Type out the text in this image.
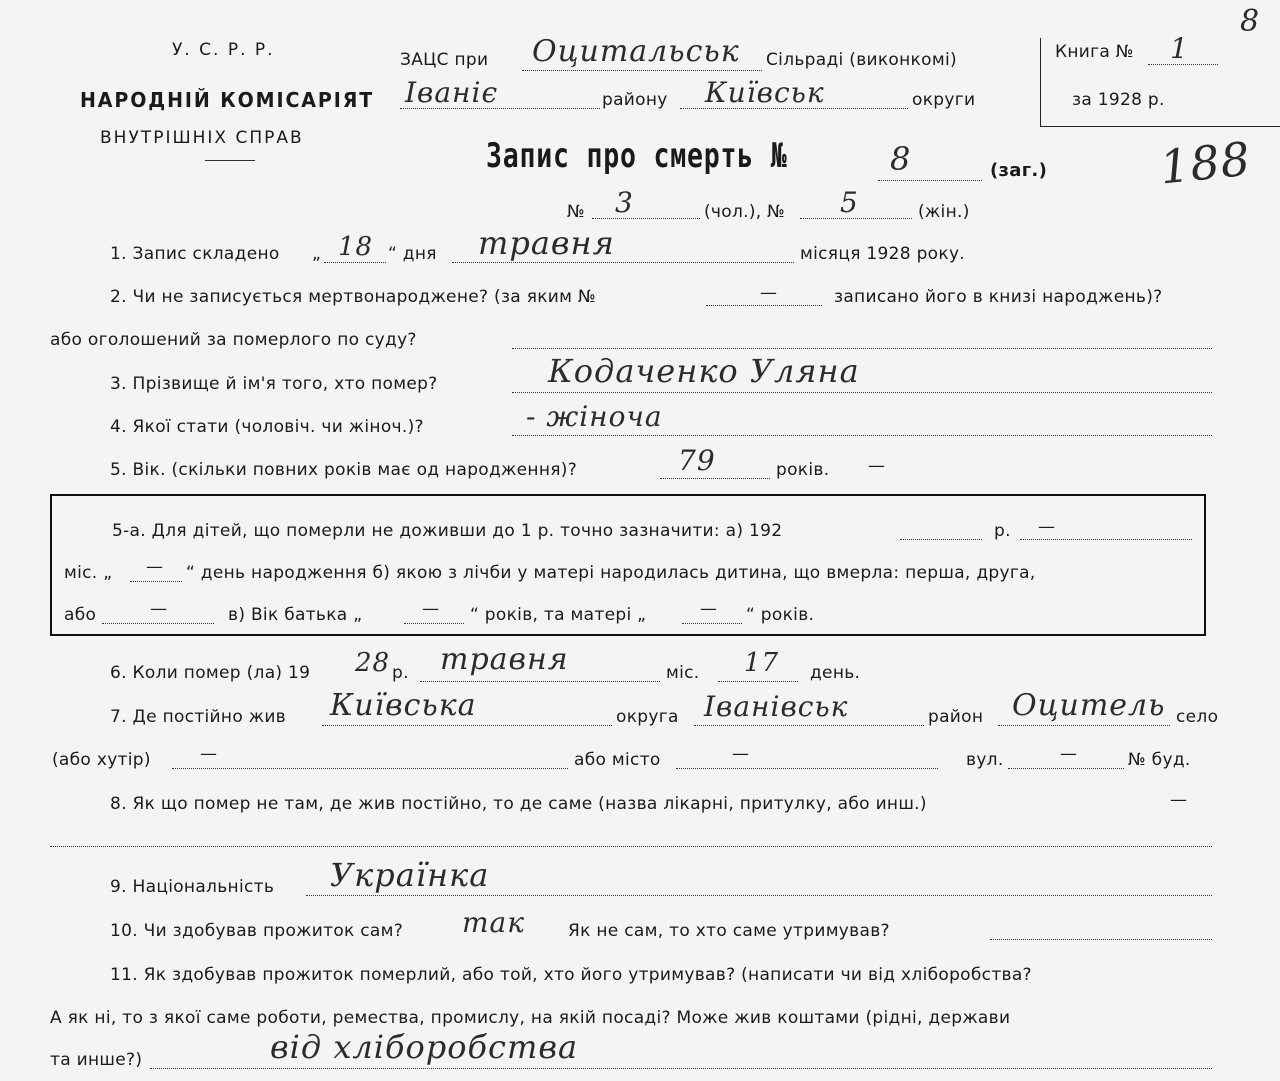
У. С. Р. Р.
НАРОДНІЙ КОМІСАРІЯТ
ВНУТРІШНІХ СПРАВ
ЗАЦС при Оцитальськ Сільраді (виконкомі)
Іваніє	району Київськ	округи
Книга № 1
за 1928 р.
8
188
Запис про смерть №	8	(заг.)
№ 3	(чол.), № 5	(жін.)
1. Запис складено „ 18 “ дня травня	місяця 1928 року.
2. Чи не записується мертвонароджене? (за яким №	—	записано його в книзі народжень)?
або оголошений за померлого по суду?
3. Прізвище й ім'я того, хто помер?	Кодаченко Уляна
4. Якої стати (чоловіч. чи жіноч.)?	- жіноча
5. Вік. (скільки повних років має од народження)?	79	років. —
5-а. Для дітей, що померли не доживши до 1 р. точно зазначити: а) 192	р. —
міс. „ — “ день народження б) якою з лічби у матері народилась дитина, що вмерла: перша, друга,
або	—	в) Вік батька „	— “ років, та матері „	— “ років.
6. Коли помер (ла) 19 28 р. травня	міс. 17 день.
7. Де постійно жив Київська	округа Іванівськ	район Оцитель село
(або хутір)	—	або місто	—	вул.	—	№ буд.
8. Як що помер не там, де жив постійно, то де саме (назва лікарні, притулку, або инш.)	—
9. Національність Українка
10. Чи здобував прожиток сам? так	Як не сам, то хто саме утримував?
11. Як здобував прожиток померлий, або той, хто його утримував? (написати чи від хліборобства?
А як ні, то з якої саме роботи, ремества, промислу, на якій посаді? Може жив коштами (рідні, держави
та инше?)	від хліборобства
